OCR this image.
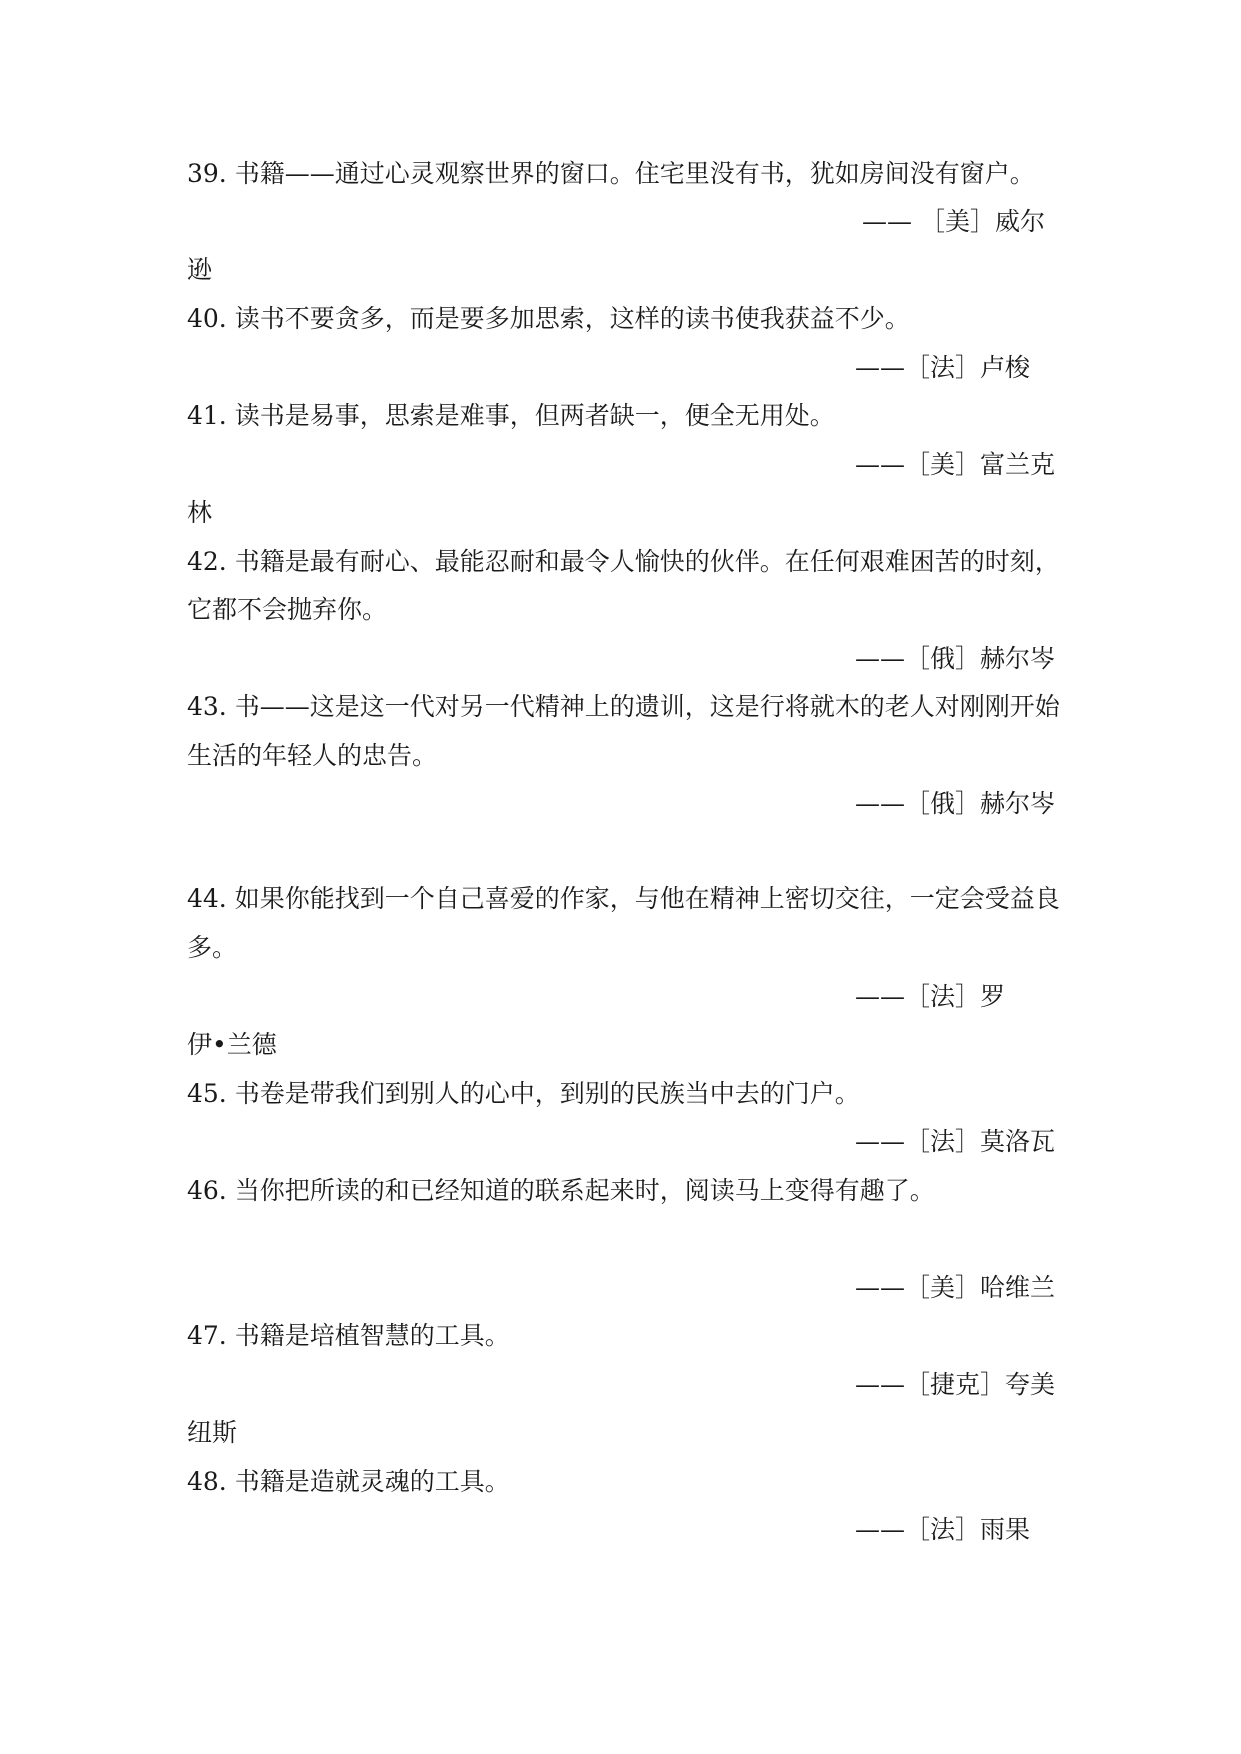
39. 书籍——通过心灵观察世界的窗口。住宅里没有书，犹如房间没有窗户。
—— ［美］威尔
逊
40. 读书不要贪多，而是要多加思索，这样的读书使我获益不少。
——［法］卢梭
41. 读书是易事，思索是难事，但两者缺一，便全无用处。
——［美］富兰克
林
42. 书籍是最有耐心、最能忍耐和最令人愉快的伙伴。在任何艰难困苦的时刻，
它都不会抛弃你。
——［俄］赫尔岑
43. 书——这是这一代对另一代精神上的遗训，这是行将就木的老人对刚刚开始
生活的年轻人的忠告。
——［俄］赫尔岑
44. 如果你能找到一个自己喜爱的作家，与他在精神上密切交往，一定会受益良
多。
——［法］罗
伊•兰德
45. 书卷是带我们到别人的心中，到别的民族当中去的门户。
——［法］莫洛瓦
46. 当你把所读的和已经知道的联系起来时，阅读马上变得有趣了。
——［美］哈维兰
47. 书籍是培植智慧的工具。
——［捷克］夸美
纽斯
48. 书籍是造就灵魂的工具。
——［法］雨果
